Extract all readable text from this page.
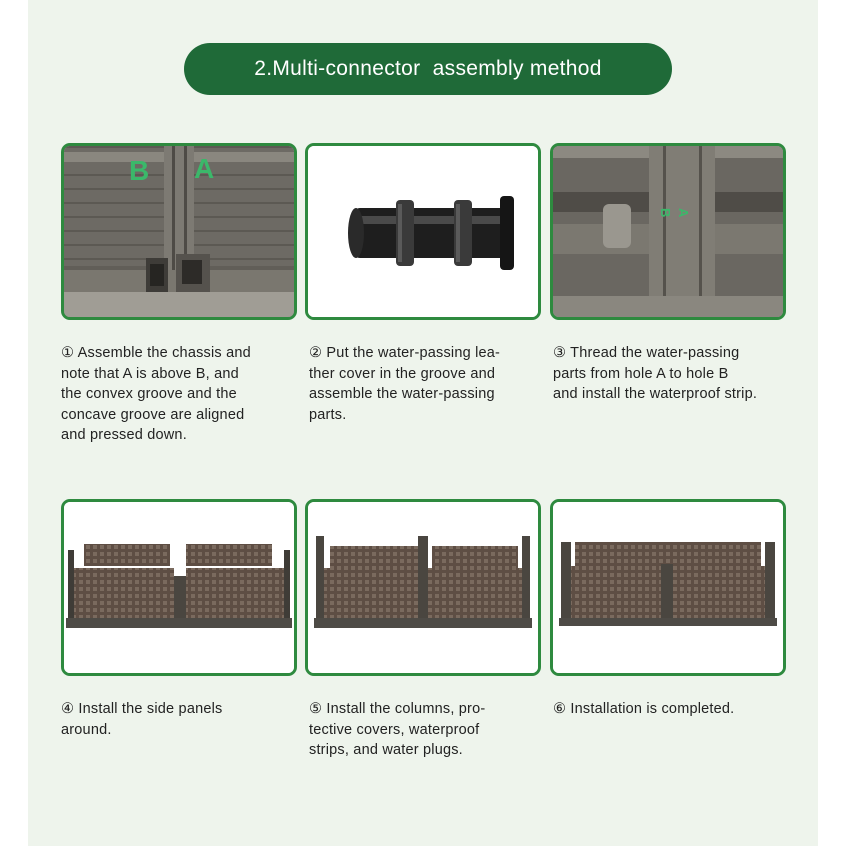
2.Multi-connector  assembly method
B A
A
B
① Assemble the chassis and
note that A is above B, and
the convex groove and the
concave groove are aligned
and pressed down.
② Put the water-passing lea-
ther cover in the groove and
assemble the water-passing
parts.
③ Thread the water-passing
parts from hole A to hole B
and install the waterproof strip.
④ Install the side panels
around.
⑤ Install the columns, pro-
tective covers, waterproof
strips, and water plugs.
⑥ Installation is completed.
